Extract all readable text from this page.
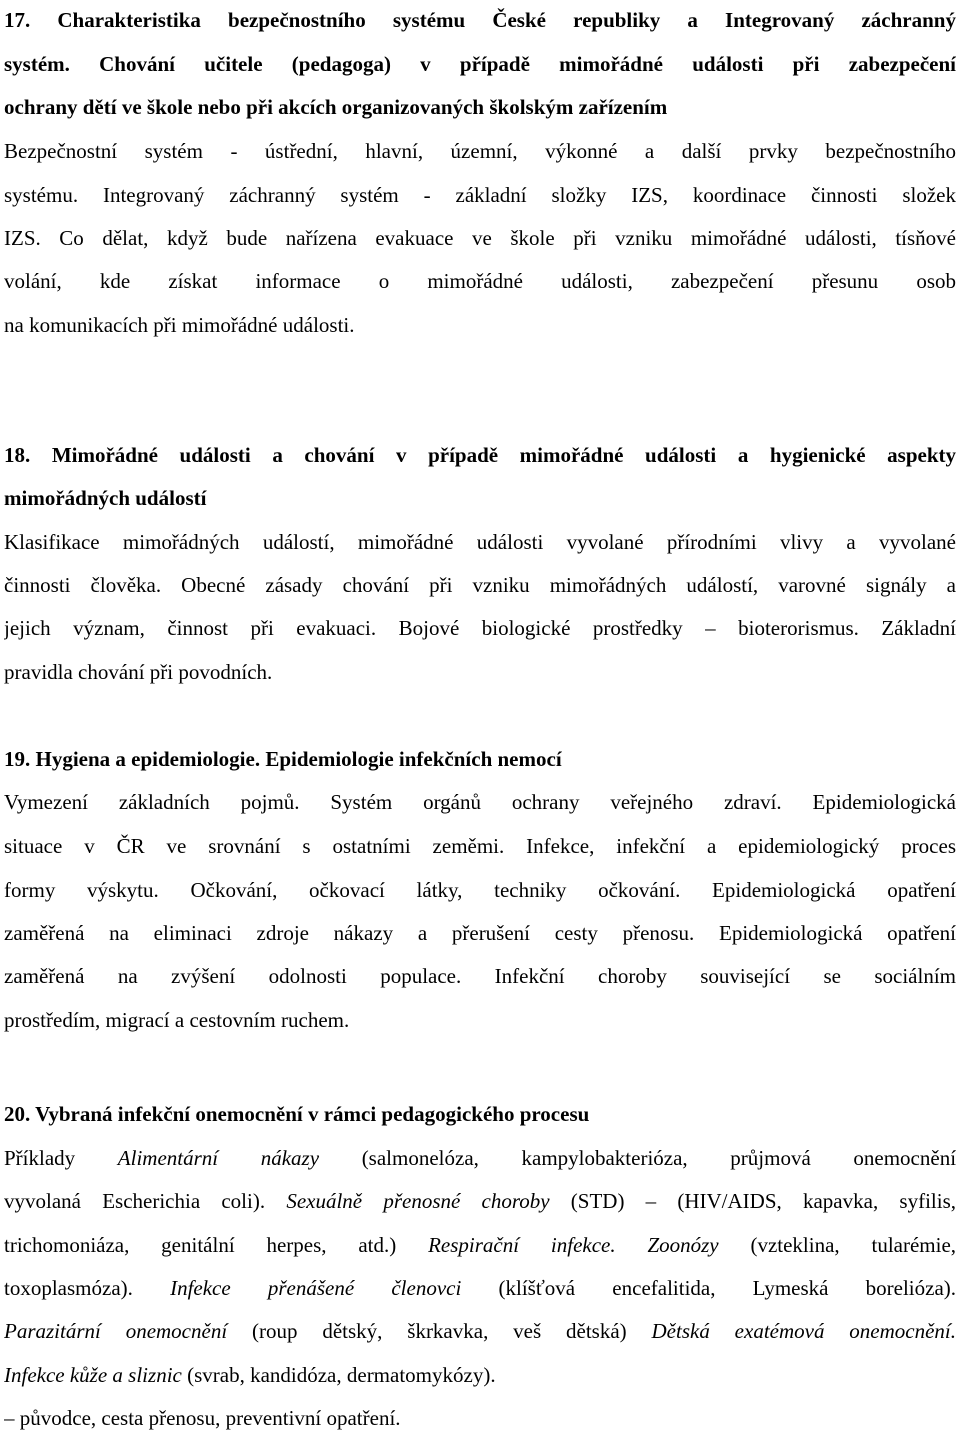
17. Charakteristika bezpečnostního systému České republiky a Integrovaný záchranný
systém. Chování učitele (pedagoga) v případě mimořádné události při zabezpečení
ochrany dětí ve škole nebo při akcích organizovaných školským zařízením
Bezpečnostní systém - ústřední, hlavní, územní, výkonné a další prvky bezpečnostního
systému. Integrovaný záchranný systém - základní složky IZS, koordinace činnosti složek
IZS. Co dělat, když bude nařízena evakuace ve škole při vzniku mimořádné události, tísňové
volání, kde získat informace o mimořádné události, zabezpečení přesunu osob
na komunikacích při mimořádné události.
18. Mimořádné události a chování v případě mimořádné události a hygienické aspekty
mimořádných událostí
Klasifikace mimořádných událostí, mimořádné události vyvolané přírodními vlivy a vyvolané
činnosti člověka. Obecné zásady chování při vzniku mimořádných událostí, varovné signály a
jejich význam, činnost při evakuaci. Bojové biologické prostředky – bioterorismus. Základní
pravidla chování při povodních.
19. Hygiena a epidemiologie. Epidemiologie infekčních nemocí
Vymezení základních pojmů. Systém orgánů ochrany veřejného zdraví. Epidemiologická
situace v ČR ve srovnání s ostatními zeměmi. Infekce, infekční a epidemiologický proces
formy výskytu. Očkování, očkovací látky, techniky očkování. Epidemiologická opatření
zaměřená na eliminaci zdroje nákazy a přerušení cesty přenosu. Epidemiologická opatření
zaměřená na zvýšení odolnosti populace. Infekční choroby související se sociálním
prostředím, migrací a cestovním ruchem.
20. Vybraná infekční onemocnění v rámci pedagogického procesu
Příklady Alimentární nákazy (salmonelóza, kampylobakterióza, průjmová onemocnění
vyvolaná Escherichia coli). Sexuálně přenosné choroby (STD) – (HIV/AIDS, kapavka, syfilis,
trichomoniáza, genitální herpes, atd.) Respirační infekce. Zoonózy (vzteklina, tularémie,
toxoplasmóza). Infekce přenášené členovci (klíšťová encefalitida, Lymeská borelióza).
Parazitární onemocnění (roup dětský, škrkavka, veš dětská) Dětská exatémová onemocnění.
Infekce kůže a sliznic (svrab, kandidóza, dermatomykózy).
– původce, cesta přenosu, preventivní opatření.
